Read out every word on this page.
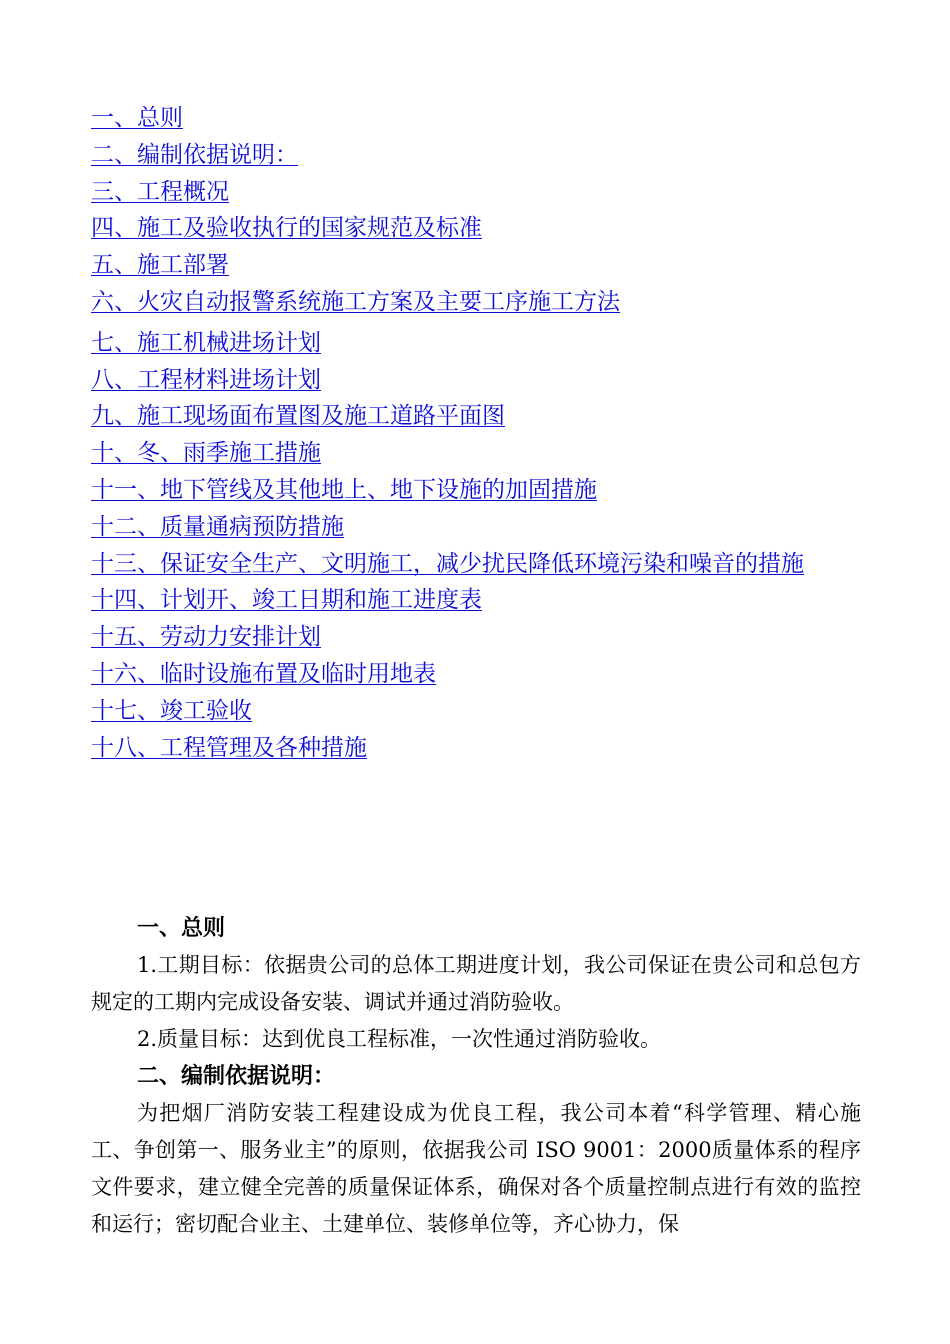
一、总则
二、编制依据说明：
三、工程概况
四、施工及验收执行的国家规范及标准
五、施工部署
六、火灾自动报警系统施工方案及主要工序施工方法
七、施工机械进场计划
八、工程材料进场计划
九、施工现场面布置图及施工道路平面图
十、冬、雨季施工措施
十一、地下管线及其他地上、地下设施的加固措施
十二、质量通病预防措施
十三、保证安全生产、文明施工，减少扰民降低环境污染和噪音的措施
十四、计划开、竣工日期和施工进度表
十五、劳动力安排计划
十六、临时设施布置及临时用地表
十七、竣工验收
十八、工程管理及各种措施
一、总则

1.工期目标：依据贵公司的总体工期进度计划，我公司保证在贵公司和总包方规定的工期内完成设备安装、调试并通过消防验收。

2.质量目标：达到优良工程标准，一次性通过消防验收。

二、编制依据说明：

为把烟厂消防安装工程建设成为优良工程，我公司本着“科学管理、精心施工、争创第一、服务业主”的原则，依据我公司 ISO 9001：2000质量体系的程序文件要求，建立健全完善的质量保证体系，确保对各个质量控制点进行有效的监控和运行；密切配合业主、土建单位、装修单位等，齐心协力，保
